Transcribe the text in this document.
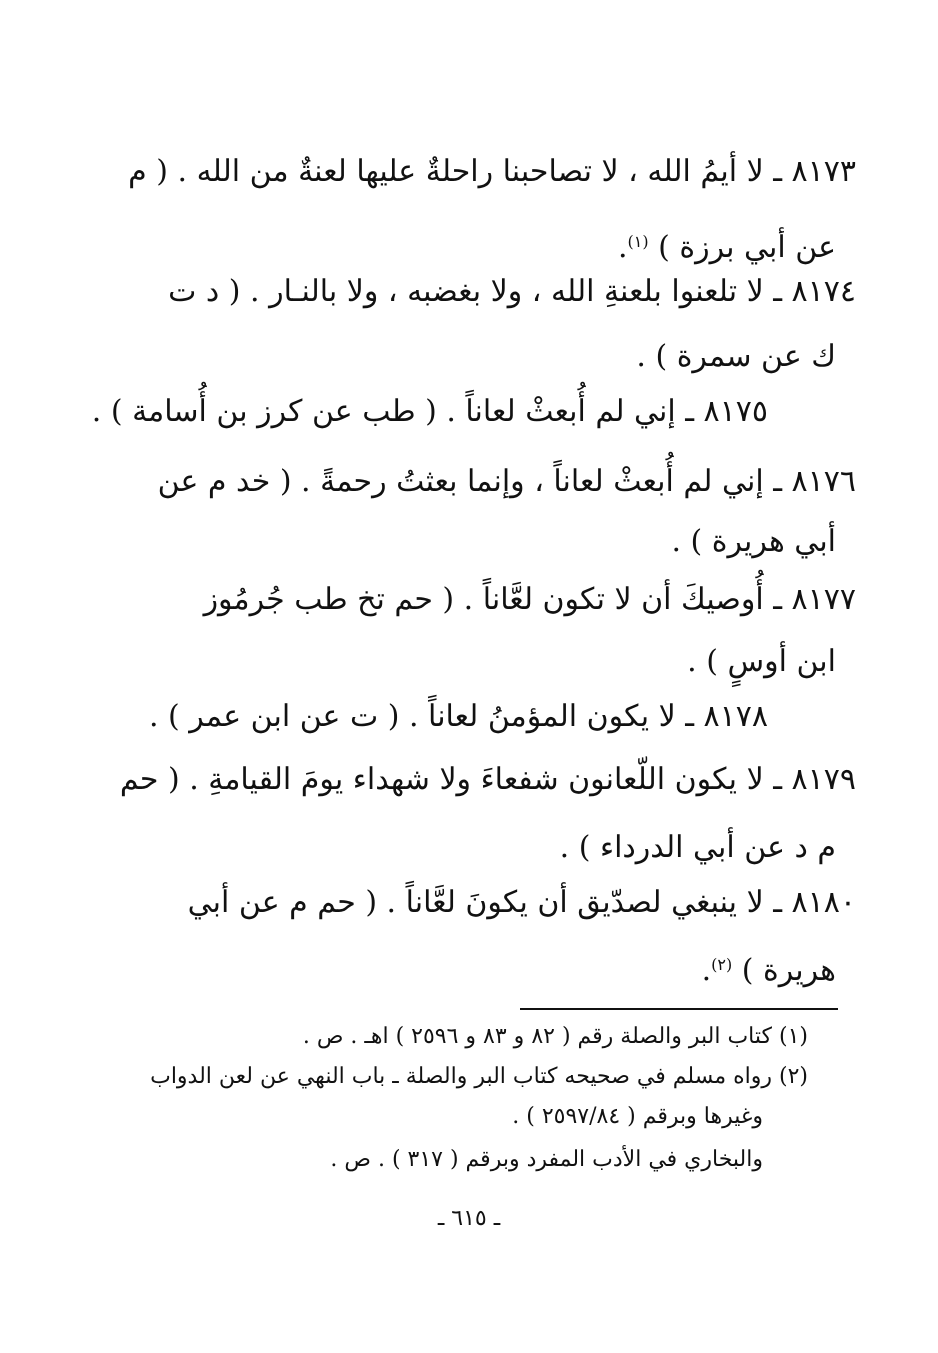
٨١٧٣ ـ لا أيمُ الله ، لا تصاحبنا راحلةٌ عليها لعنةٌ من الله . ( م

عن أبي برزة ) $^{(١)}$.

٨١٧٤ ـ لا تلعنوا بلعنةِ الله ، ولا بغضبه ، ولا بالنـار . ( د ت

ك عن سمرة ) .

٨١٧٥ ـ إني لم أُبعثْ لعاناً . ( طب عن كرز بن أُسامة ) .

٨١٧٦ ـ إني لم أُبعثْ لعاناً ، وإنما بعثتُ رحمةً . ( خد م عن

أبي هريرة ) .

٨١٧٧ ـ أُوصيكَ أن لا تكون لعَّاناً . ( حم تخ طب جُرمُوز

ابن أوسٍ ) .

٨١٧٨ ـ لا يكون المؤمنُ لعاناً . ( ت عن ابن عمر ) .

٨١٧٩ ـ لا يكون اللّعانون شفعاءَ ولا شهداء يومَ القيامةِ . ( حم

م د عن أبي الدرداء ) .

٨١٨٠ ـ لا ينبغي لصدّيق أن يكونَ لعَّاناً . ( حم م عن أبي

هريرة ) $^{(٢)}$.

(١) كتاب البر والصلة رقم ( ٨٢ و ٨٣ و ٢٥٩٦ ) اهـ . ص .

(٢) رواه مسلم في صحيحه كتاب البر والصلة ـ باب النهي عن لعن الدواب

وغيرها وبرقم ( ٢٥٩٧/٨٤ ) .

والبخاري في الأدب المفرد وبرقم ( ٣١٧ ) . ص .

ـ ٦١٥ ـ
